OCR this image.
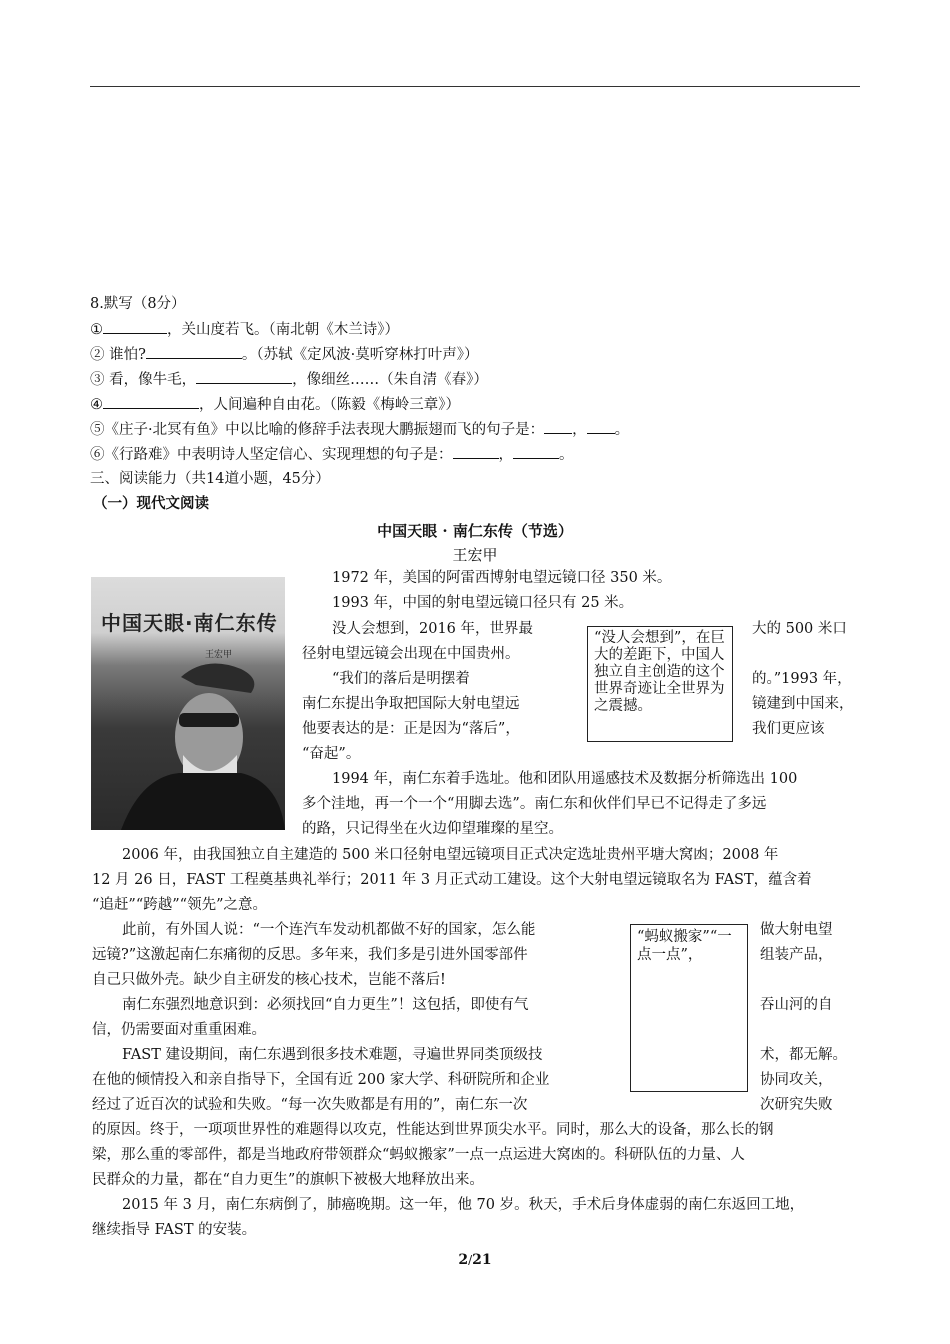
8.默写（8分）
①	，关山度若飞。（南北朝《木兰诗》）
② 谁怕?	。（苏轼《定风波·莫听穿林打叶声》）
③ 看，像牛毛，	，像细丝……（朱自清《春》）
④	，人间遍种自由花。（陈毅《梅岭三章》）
⑤《庄子·北冥有鱼》中以比喻的修辞手法表现大鹏振翅而飞的句子是： ， 。
⑥《行路难》中表明诗人坚定信心、实现理想的句子是：	，	。
三、阅读能力（共14道小题，45分）
（一）现代文阅读
中国天眼 · 南仁东传（节选）
王宏甲
中国天眼·南仁东传
王宏甲
1972 年，美国的阿雷西博射电望远镜口径 350 米。
1993 年，中国的射电望远镜口径只有 25 米。
没人会想到，2016 年，世界最	大的 500 米口
径射电望远镜会出现在中国贵州。
“我们的落后是明摆着	的。”1993 年，
南仁东提出争取把国际大射电望远	镜建到中国来，
他要表达的是：正是因为“落后”，	我们更应该
“奋起”。
“没人会想到”，在巨大的差距下，中国人独立自主创造的这个世界奇迹让全世界为之震撼。
1994 年，南仁东着手选址。他和团队用遥感技术及数据分析筛选出 100
多个洼地，再一个一个“用脚去选”。南仁东和伙伴们早已不记得走了多远
的路，只记得坐在火边仰望璀璨的星空。
2006 年，由我国独立自主建造的 500 米口径射电望远镜项目正式决定选址贵州平塘大窝凼；2008 年
12 月 26 日，FAST 工程奠基典礼举行；2011 年 3 月正式动工建设。这个大射电望远镜取名为 FAST，蕴含着
“追赶”“跨越”“领先”之意。
此前，有外国人说：“一个连汽车发动机都做不好的国家，怎么能	做大射电望
远镜?”这激起南仁东痛彻的反思。多年来，我们多是引进外国零部件	组装产品，
自己只做外壳。缺少自主研发的核心技术，岂能不落后!
“蚂蚁搬家”“一点一点”，
南仁东强烈地意识到：必须找回“自力更生”！这包括，即使有气	吞山河的自
信，仍需要面对重重困难。
FAST 建设期间，南仁东遇到很多技术难题，寻遍世界同类顶级技	术，都无解。
在他的倾情投入和亲自指导下，全国有近 200 家大学、科研院所和企业	协同攻关，
经过了近百次的试验和失败。“每一次失败都是有用的”，南仁东一次	次研究失败
的原因。终于，一项项世界性的难题得以攻克，性能达到世界顶尖水平。同时，那么大的设备，那么长的钢
梁，那么重的零部件，都是当地政府带领群众“蚂蚁搬家”一点一点运进大窝凼的。科研队伍的力量、人
民群众的力量，都在“自力更生”的旗帜下被极大地释放出来。
2015 年 3 月，南仁东病倒了，肺癌晚期。这一年，他 70 岁。秋天，手术后身体虚弱的南仁东返回工地，
继续指导 FAST 的安装。
2/21
